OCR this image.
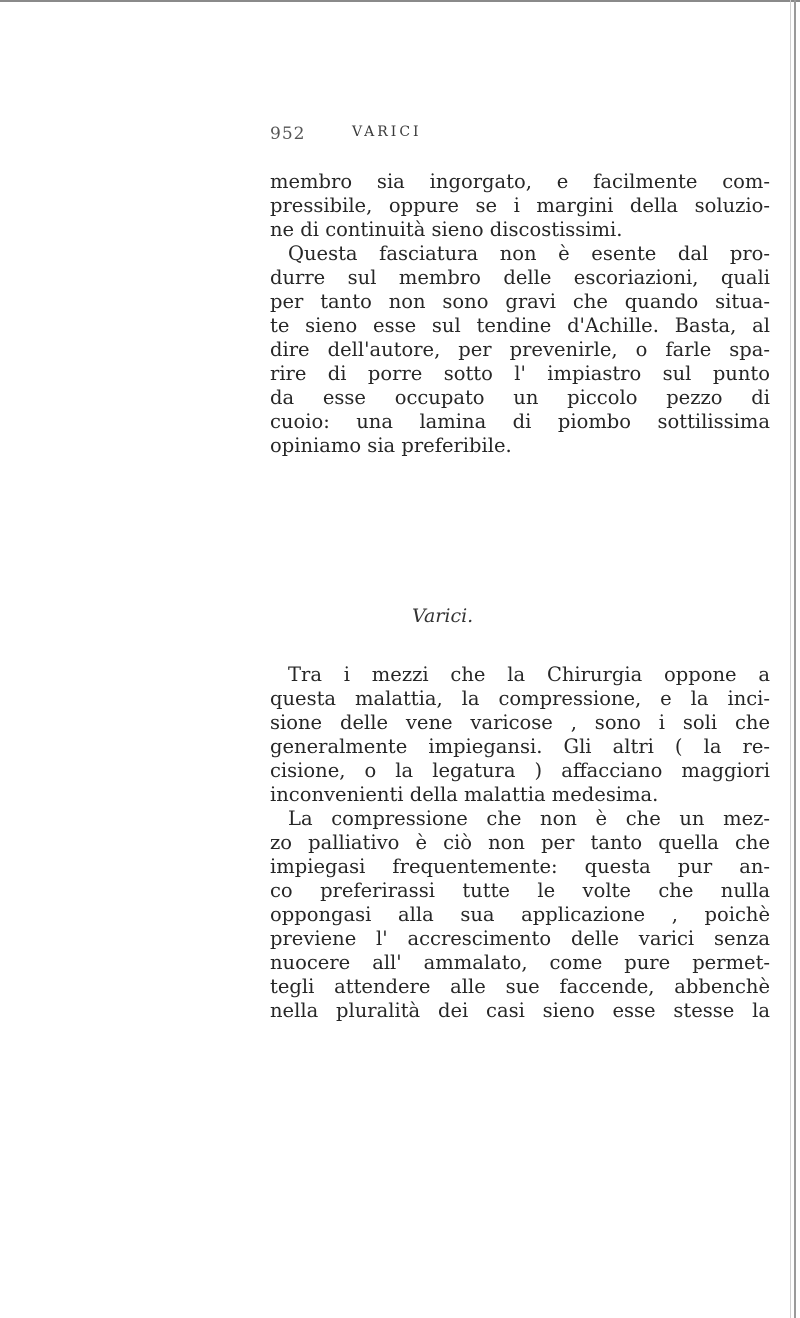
952	VARICI
membro sia ingorgato, e facilmente com-
pressibile, oppure se i margini della soluzio-
ne di continuità sieno discostissimi.
Questa fasciatura non è esente dal pro-
durre sul membro delle escoriazioni, quali
per tanto non sono gravi che quando situa-
te sieno esse sul tendine d'Achille. Basta, al
dire dell'autore, per prevenirle, o farle spa-
rire di porre sotto l' impiastro sul punto
da esse occupato un piccolo pezzo di
cuoio: una lamina di piombo sottilissima
opiniamo sia preferibile.
Varici.
Tra i mezzi che la Chirurgia oppone a
questa malattia, la compressione, e la inci-
sione delle vene varicose , sono i soli che
generalmente impiegansi. Gli altri ( la re-
cisione, o la legatura ) affacciano maggiori
inconvenienti della malattia medesima.
La compressione che non è che un mez-
zo palliativo è ciò non per tanto quella che
impiegasi frequentemente: questa pur an-
co preferirassi tutte le volte che nulla
oppongasi alla sua applicazione , poichè
previene l' accrescimento delle varici senza
nuocere all' ammalato, come pure permet-
tegli attendere alle sue faccende, abbenchè
nella pluralità dei casi sieno esse stesse la
